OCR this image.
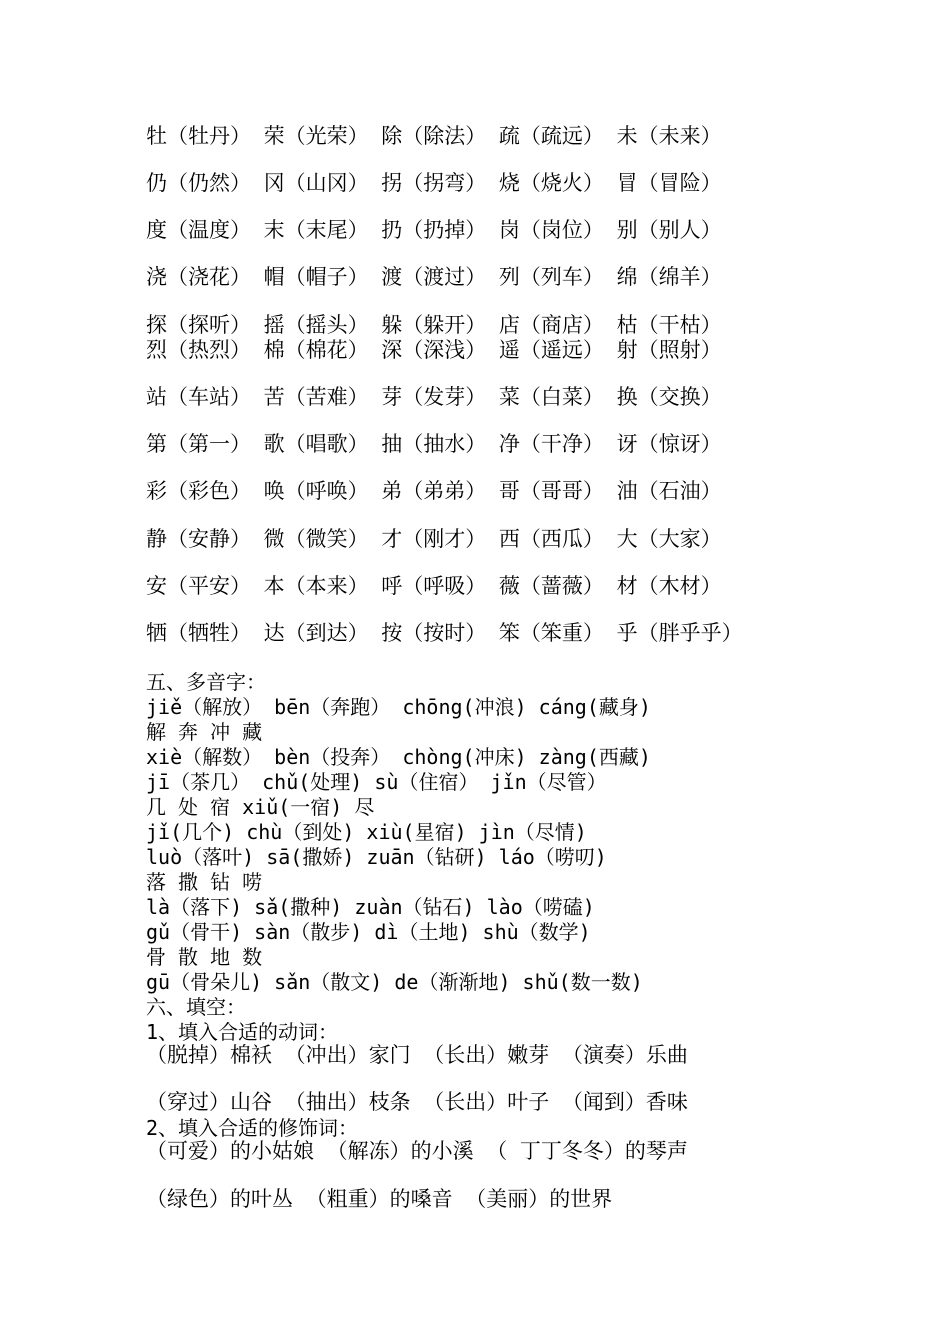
牡（牡丹） 荣（光荣） 除（除法） 疏（疏远） 未（未来）
仍（仍然） 冈（山冈） 拐（拐弯） 烧（烧火） 冒（冒险）
度（温度） 末（末尾） 扔（扔掉） 岗（岗位） 别（别人）
浇（浇花） 帽（帽子） 渡（渡过） 列（列车） 绵（绵羊）
探（探听） 摇（摇头） 躲（躲开） 店（商店） 枯（干枯）
烈（热烈） 棉（棉花） 深（深浅） 遥（遥远） 射（照射）
站（车站） 苦（苦难） 芽（发芽） 菜（白菜） 换（交换）
第（第一） 歌（唱歌） 抽（抽水） 净（干净） 讶（惊讶）
彩（彩色） 唤（呼唤） 弟（弟弟） 哥（哥哥） 油（石油）
静（安静） 微（微笑） 才（刚才） 西（西瓜） 大（大家）
安（平安） 本（本来） 呼（呼吸） 薇（蔷薇） 材（木材）
牺（牺牲） 达（到达） 按（按时） 笨（笨重） 乎（胖乎乎）
五、多音字：
jiě（解放） bēn（奔跑） chōng(冲浪) cáng(藏身)
解 奔 冲 藏
xiè（解数） bèn（投奔） chòng(冲床) zàng(西藏)
jī（茶几） chǔ(处理) sù（住宿） jǐn（尽管）
几 处 宿 xiǔ(一宿) 尽
jǐ(几个) chù（到处) xiù(星宿) jìn（尽情)
luò（落叶) sā(撒娇) zuān（钻研) láo（唠叨)
落 撒 钻 唠
là（落下) sǎ(撒种) zuàn（钻石) lào（唠磕)
gǔ（骨干) sàn（散步) dì（土地) shù（数学)
骨 散 地 数
gū（骨朵儿) sǎn（散文) de（渐渐地) shǔ(数一数)
六、填空：
1、填入合适的动词：
（脱掉）棉袄 （冲出）家门 （长出）嫩芽 （演奏）乐曲
（穿过）山谷 （抽出）枝条 （长出）叶子 （闻到）香味
2、填入合适的修饰词：
（可爱）的小姑娘 （解冻）的小溪 （ 丁丁冬冬）的琴声
（绿色）的叶丛 （粗重）的嗓音 （美丽）的世界
